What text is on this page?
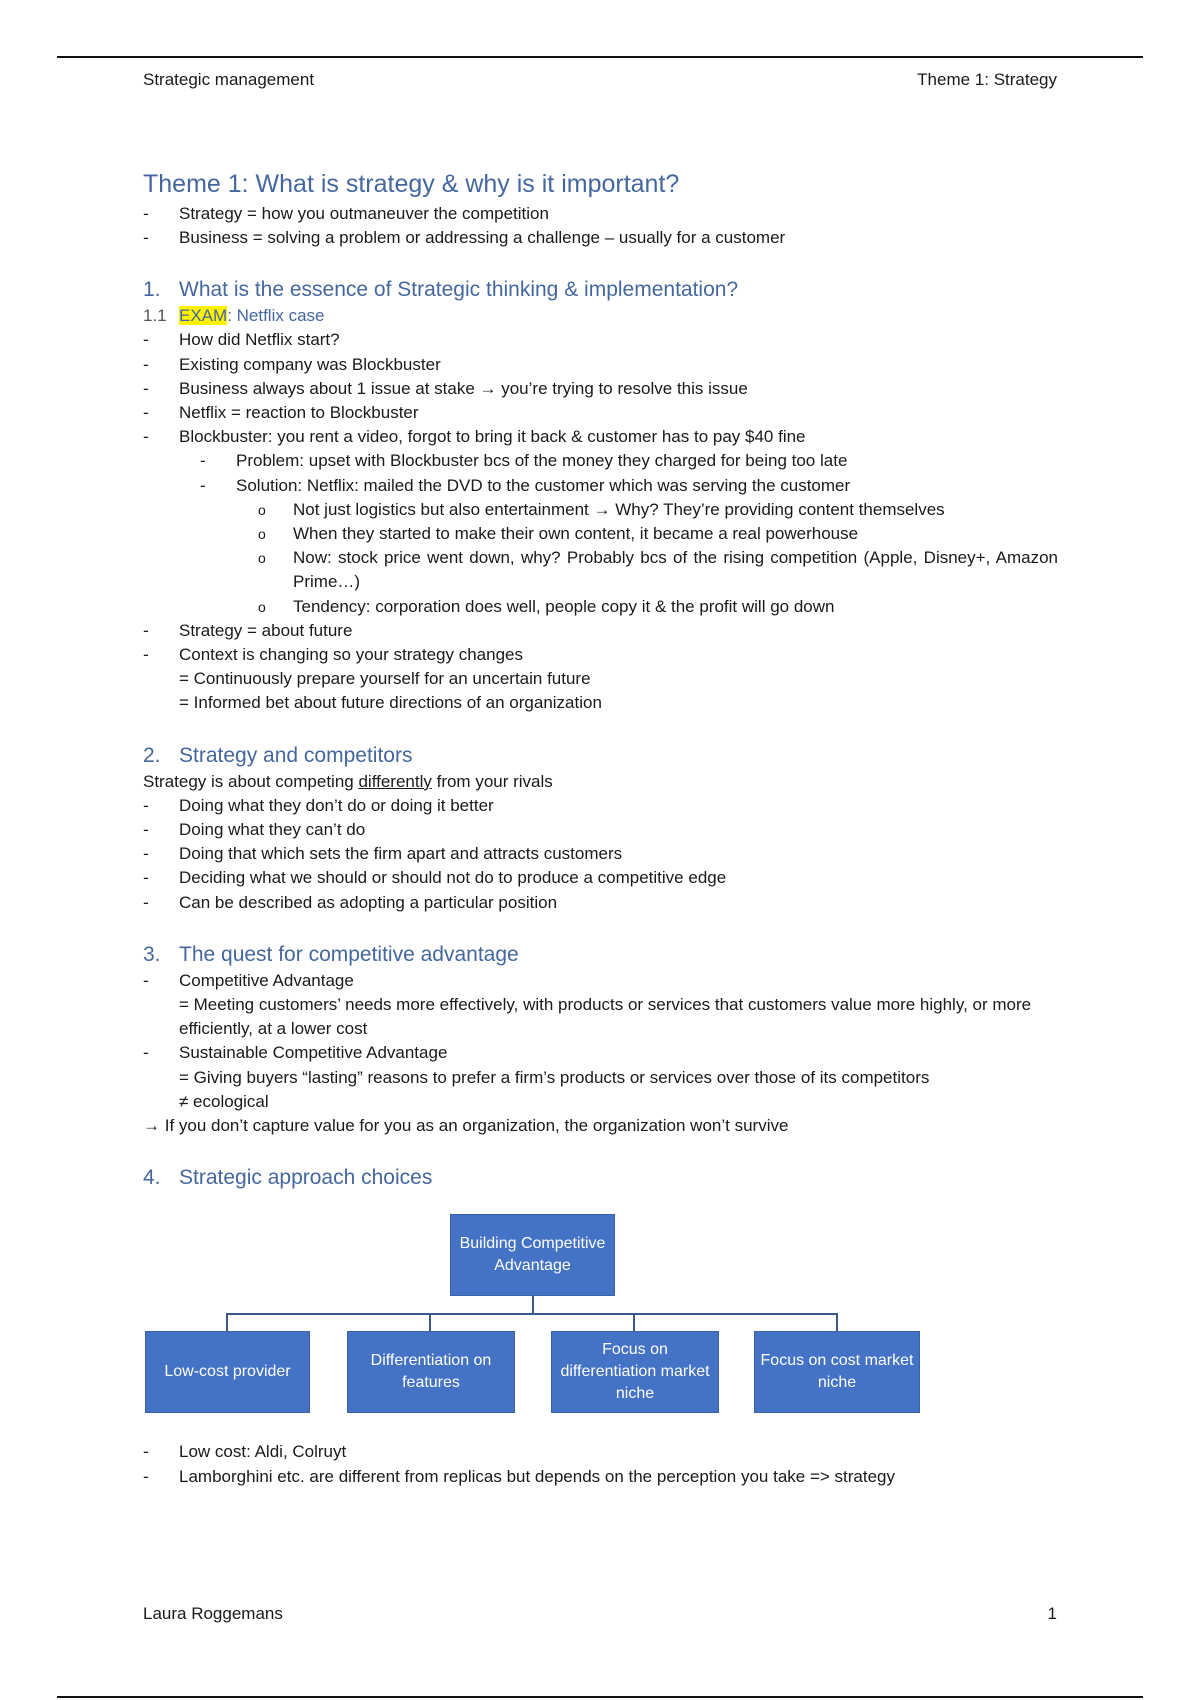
Strategic management	Theme 1: Strategy
Theme 1: What is strategy & why is it important?
- Strategy = how you outmaneuver the competition
- Business = solving a problem or addressing a challenge – usually for a customer
1. What is the essence of Strategic thinking & implementation?
1.1 EXAM: Netflix case
- How did Netflix start?
- Existing company was Blockbuster
- Business always about 1 issue at stake → you’re trying to resolve this issue
- Netflix = reaction to Blockbuster
- Blockbuster: you rent a video, forgot to bring it back & customer has to pay $40 fine
- Problem: upset with Blockbuster bcs of the money they charged for being too late
- Solution: Netflix: mailed the DVD to the customer which was serving the customer
o Not just logistics but also entertainment → Why? They’re providing content themselves
o When they started to make their own content, it became a real powerhouse
o Now: stock price went down, why? Probably bcs of the rising competition (Apple, Disney+, Amazon Prime…)
o Tendency: corporation does well, people copy it & the profit will go down
- Strategy = about future
- Context is changing so your strategy changes
= Continuously prepare yourself for an uncertain future
= Informed bet about future directions of an organization
2. Strategy and competitors
Strategy is about competing differently from your rivals
- Doing what they don’t do or doing it better
- Doing what they can’t do
- Doing that which sets the firm apart and attracts customers
- Deciding what we should or should not do to produce a competitive edge
- Can be described as adopting a particular position
3. The quest for competitive advantage
- Competitive Advantage
= Meeting customers’ needs more effectively, with products or services that customers value more highly, or more efficiently, at a lower cost
- Sustainable Competitive Advantage
= Giving buyers “lasting” reasons to prefer a firm’s products or services over those of its competitors
≠ ecological
→ If you don’t capture value for you as an organization, the organization won’t survive
4. Strategic approach choices
Building Competitive Advantage
Low-cost provider
Differentiation on features
Focus on differentiation market niche
Focus on cost market niche
- Low cost: Aldi, Colruyt
- Lamborghini etc. are different from replicas but depends on the perception you take => strategy
Laura Roggemans	1
